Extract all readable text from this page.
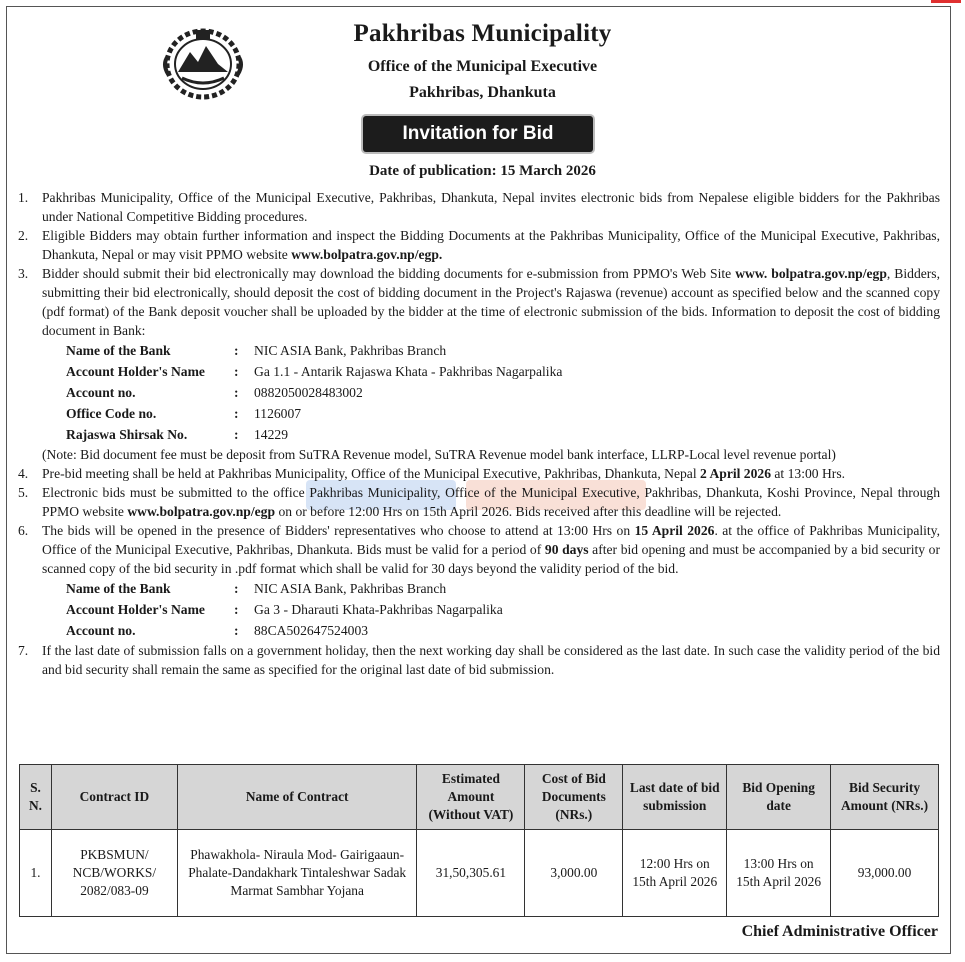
Pakhribas Municipality
Office of the Municipal Executive
Pakhribas, Dhankuta
Invitation for Bid
Date of publication: 15 March 2026
1. Pakhribas Municipality, Office of the Municipal Executive, Pakhribas, Dhankuta, Nepal invites electronic bids from Nepalese eligible bidders for the Pakhribas under National Competitive Bidding procedures.
2. Eligible Bidders may obtain further information and inspect the Bidding Documents at the Pakhribas Municipality, Office of the Municipal Executive, Pakhribas, Dhankuta, Nepal or may visit PPMO website www.bolpatra.gov.np/egp.
3. Bidder should submit their bid electronically may download the bidding documents for e-submission from PPMO's Web Site www. bolpatra.gov.np/egp, Bidders, submitting their bid electronically, should deposit the cost of bidding document in the Project's Rajaswa (revenue) account as specified below and the scanned copy (pdf format) of the Bank deposit voucher shall be uploaded by the bidder at the time of electronic submission of the bids. Information to deposit the cost of bidding document in Bank:
Name of the Bank	:	NIC ASIA Bank, Pakhribas Branch
Account Holder's Name	:	Ga 1.1 - Antarik Rajaswa Khata - Pakhribas Nagarpalika
Account no.	:	0882050028483002
Office Code no.	:	1126007
Rajaswa Shirsak No.	:	14229
(Note: Bid document fee must be deposit from SuTRA Revenue model, SuTRA Revenue model bank interface, LLRP-Local level revenue portal)
4. Pre-bid meeting shall be held at Pakhribas Municipality, Office of the Municipal Executive, Pakhribas, Dhankuta, Nepal 2 April 2026 at 13:00 Hrs.
5. Electronic bids must be submitted to the office Pakhribas Municipality, Office of the Municipal Executive, Pakhribas, Dhankuta, Koshi Province, Nepal through PPMO website www.bolpatra.gov.np/egp on or before 12:00 Hrs on 15th April 2026. Bids received after this deadline will be rejected.
6. The bids will be opened in the presence of Bidders' representatives who choose to attend at 13:00 Hrs on 15 April 2026. at the office of Pakhribas Municipality, Office of the Municipal Executive, Pakhribas, Dhankuta. Bids must be valid for a period of 90 days after bid opening and must be accompanied by a bid security or scanned copy of the bid security in .pdf format which shall be valid for 30 days beyond the validity period of the bid.
Name of the Bank	:	NIC ASIA Bank, Pakhribas Branch
Account Holder's Name	:	Ga 3 - Dharauti Khata-Pakhribas Nagarpalika
Account no.	:	88CA502647524003
7. If the last date of submission falls on a government holiday, then the next working day shall be considered as the last date. In such case the validity period of the bid and bid security shall remain the same as specified for the original last date of bid submission.
S. N.	Contract ID	Name of Contract	Estimated Amount (Without VAT)	Cost of Bid Documents (NRs.)	Last date of bid submission	Bid Opening date	Bid Security Amount (NRs.)
1.	PKBSMUN/ NCB/WORKS/ 2082/083-09	Phawakhola- Niraula Mod- Gairigaaun-Phalate-Dandakhark Tintaleshwar Sadak Marmat Sambhar Yojana	31,50,305.61	3,000.00	12:00 Hrs on 15th April 2026	13:00 Hrs on 15th April 2026	93,000.00
Chief Administrative Officer
